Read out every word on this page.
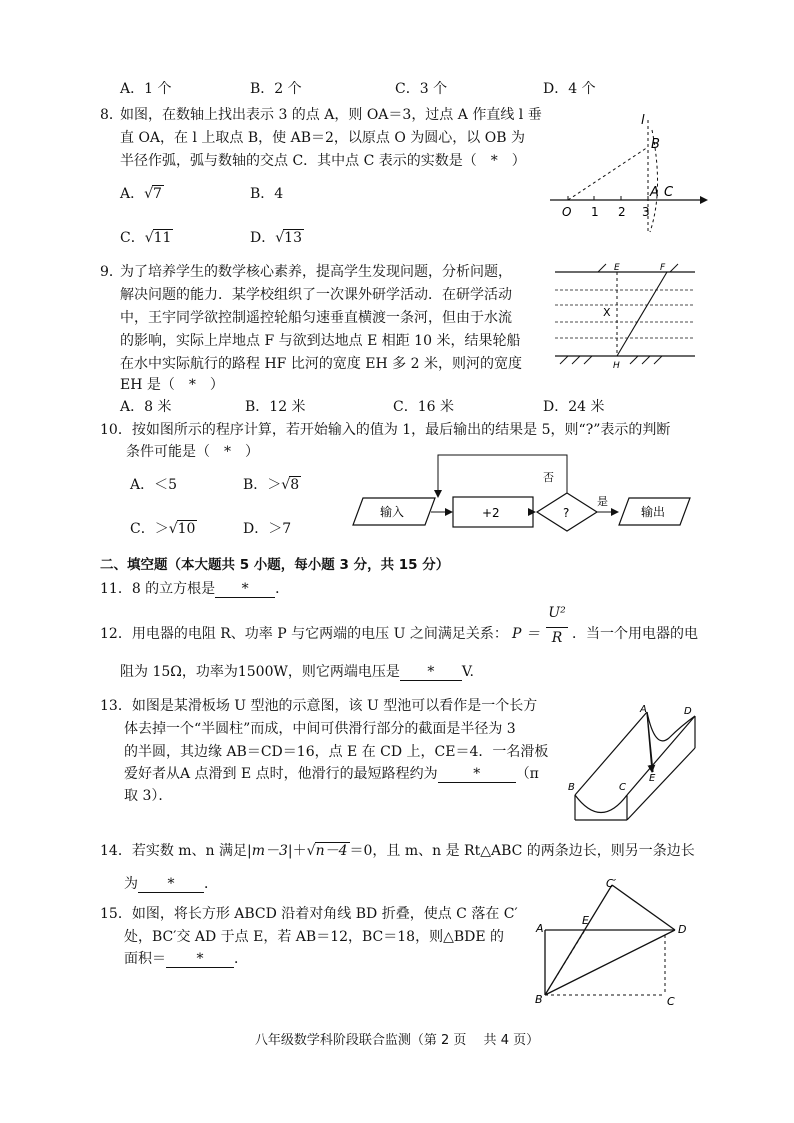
A．1 个	B．2 个	C．3 个	D．4 个
8．
如图，在数轴上找出表示 3 的点 A，则 OA＝3，过点 A 作直线 l 垂
直 OA，在 l 上取点 B，使 AB＝2，以原点 O 为圆心，以 OB 为
半径作弧，弧与数轴的交点 C．其中点 C 表示的实数是（　*　）
A．√7	B．4
C．√11	D．√13
l
B
O 1 2 3
A C
9．
为了培养学生的数学核心素养，提高学生发现问题，分析问题，
解决问题的能力．某学校组织了一次课外研学活动．在研学活动
中，王宇同学欲控制遥控轮船匀速垂直横渡一条河，但由于水流
的影响，实际上岸地点 F 与欲到达地点 E 相距 10 米，结果轮船
在水中实际航行的路程 HF 比河的宽度 EH 多 2 米，则河的宽度
EH 是（　*　）
A．8 米	B．12 米	C．16 米	D．24 米
E	F
X
H
10．按如图所示的程序计算，若开始输入的值为 1，最后输出的结果是 5，则“?”表示的判断
条件可能是（　*　）
A．＜5	B．＞√8
C．＞√10	D．＞7
输入	+2	?
是
输出
否
二、填空题（本大题共 5 小题，每小题 3 分，共 15 分）
11．8 的立方根是 * ．
12．用电器的电阻 R、功率 P 与它两端的电压 U 之间满足关系： P ＝
U²
R ．当一个用电器的电
阻为 15Ω，功率为1500W，则它两端电压是 * V.
13．如图是某滑板场 U 型池的示意图，该 U 型池可以看作是一个长方
体去掉一个“半圆柱”而成，中间可供滑行部分的截面是半径为 3
的半圆，其边缘 AB＝CD＝16，点 E 在 CD 上，CE＝4．一名滑板
爱好者从A 点滑到 E 点时，他滑行的最短路程约为	*	（π
取 3）．
A	D
C
E
B
14．若实数 m、n 满足|m－3|＋√n－4 ＝0，且 m、n 是 Rt△ABC 的两条边长，则另一条边长
为 * ．
15．如图，将长方形 ABCD 沿着对角线 BD 折叠，使点 C 落在 C′
处，BC′交 AD 于点 E，若 AB＝12，BC＝18，则△BDE 的
面积＝ * ．
C′
E
A	D
B	C
八年级数学科阶段联合监测（第 2 页　 共 4 页）
